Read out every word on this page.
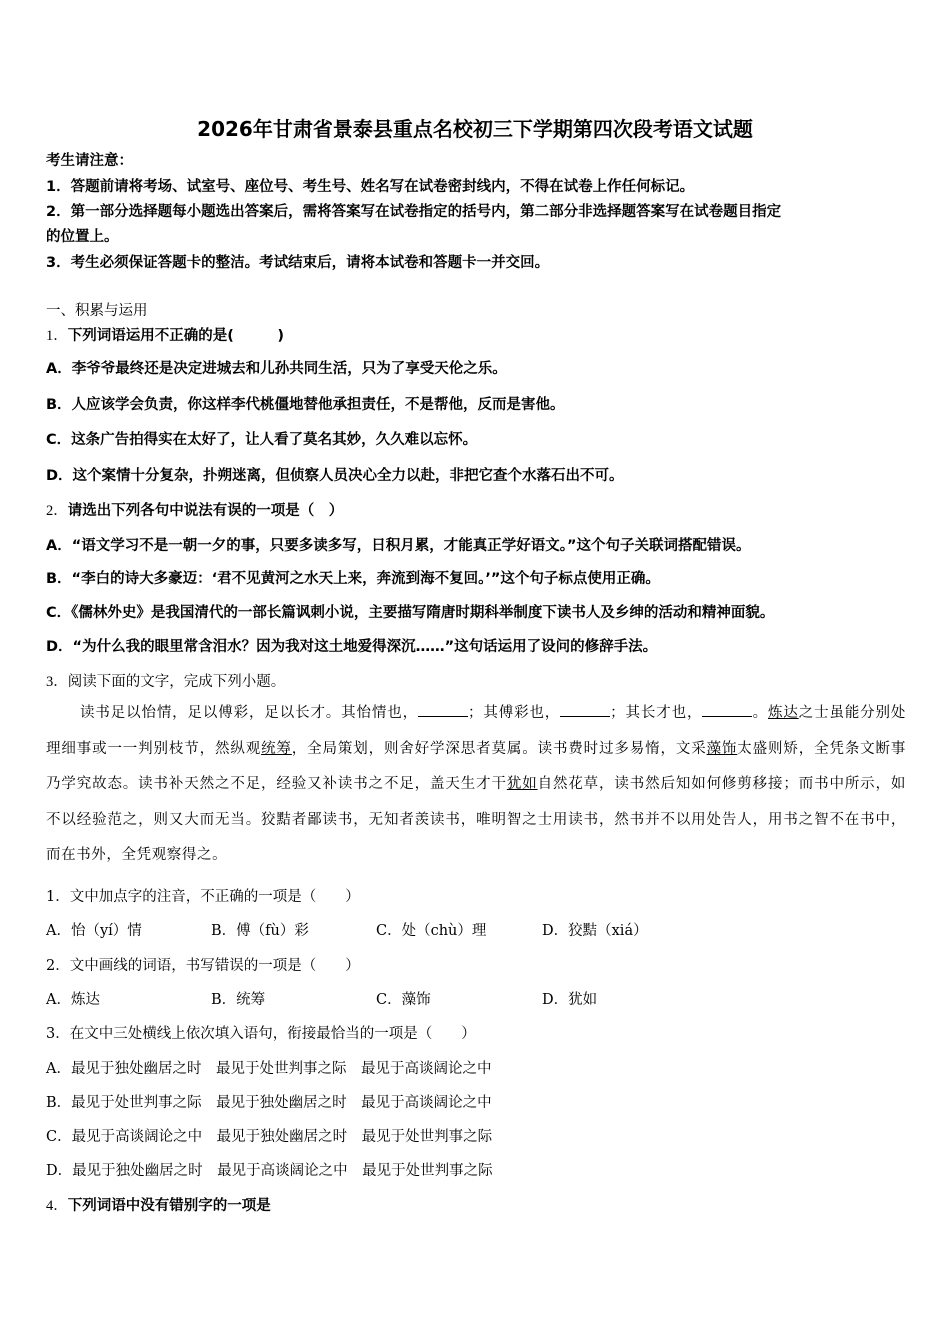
2026年甘肃省景泰县重点名校初三下学期第四次段考语文试题
考生请注意：
1．答题前请将考场、试室号、座位号、考生号、姓名写在试卷密封线内，不得在试卷上作任何标记。
2．第一部分选择题每小题选出答案后，需将答案写在试卷指定的括号内，第二部分非选择题答案写在试卷题目指定
的位置上。
3．考生必须保证答题卡的整洁。考试结束后，请将本试卷和答题卡一并交回。
一、积累与运用
1．下列词语运用不正确的是(　　　)
A．李爷爷最终还是决定进城去和儿孙共同生活，只为了享受天伦之乐。
B．人应该学会负责，你这样李代桃僵地替他承担责任，不是帮他，反而是害他。
C．这条广告拍得实在太好了，让人看了莫名其妙，久久难以忘怀。
D．这个案情十分复杂，扑朔迷离，但侦察人员决心全力以赴，非把它查个水落石出不可。
2．请选出下列各句中说法有误的一项是（　）
A．“语文学习不是一朝一夕的事，只要多读多写，日积月累，才能真正学好语文。”这个句子关联词搭配错误。
B．“李白的诗大多豪迈：‘君不见黄河之水天上来，奔流到海不复回。’”这个句子标点使用正确。
C．《儒林外史》是我国清代的一部长篇讽刺小说，主要描写隋唐时期科举制度下读书人及乡绅的活动和精神面貌。
D．“为什么我的眼里常含泪水？因为我对这土地爱得深沉……”这句话运用了设问的修辞手法。
3．阅读下面的文字，完成下列小题。
读书足以怡情，足以傅彩，足以长才。其怡情也，	；其傅彩也，	；其长才也，	。炼达之士虽能分别处理细事或一一判别枝节，然纵观统筹，全局策划，则舍好学深思者莫属。读书费时过多易惰，文采藻饰太盛则矫，全凭条文断事乃学究故态。读书补天然之不足，经验又补读书之不足，盖天生才干犹如自然花草，读书然后知如何修剪移接；而书中所示，如不以经验范之，则又大而无当。狡黠者鄙读书，无知者羡读书，唯明智之士用读书，然书并不以用处告人，用书之智不在书中，而在书外，全凭观察得之。
1．文中加点字的注音，不正确的一项是（　　）
A．怡（yí）情	B．傅（fù）彩	C．处（chù）理	D．狡黠（xiá）
2．文中画线的词语，书写错误的一项是（　　）
A．炼达	B．统筹	C．藻饰	D．犹如
3．在文中三处横线上依次填入语句，衔接最恰当的一项是（　　）
A．最见于独处幽居之时　最见于处世判事之际　最见于高谈阔论之中
B．最见于处世判事之际　最见于独处幽居之时　最见于高谈阔论之中
C．最见于高谈阔论之中　最见于独处幽居之时　最见于处世判事之际
D．最见于独处幽居之时　最见于高谈阔论之中　最见于处世判事之际
4．下列词语中没有错别字的一项是
